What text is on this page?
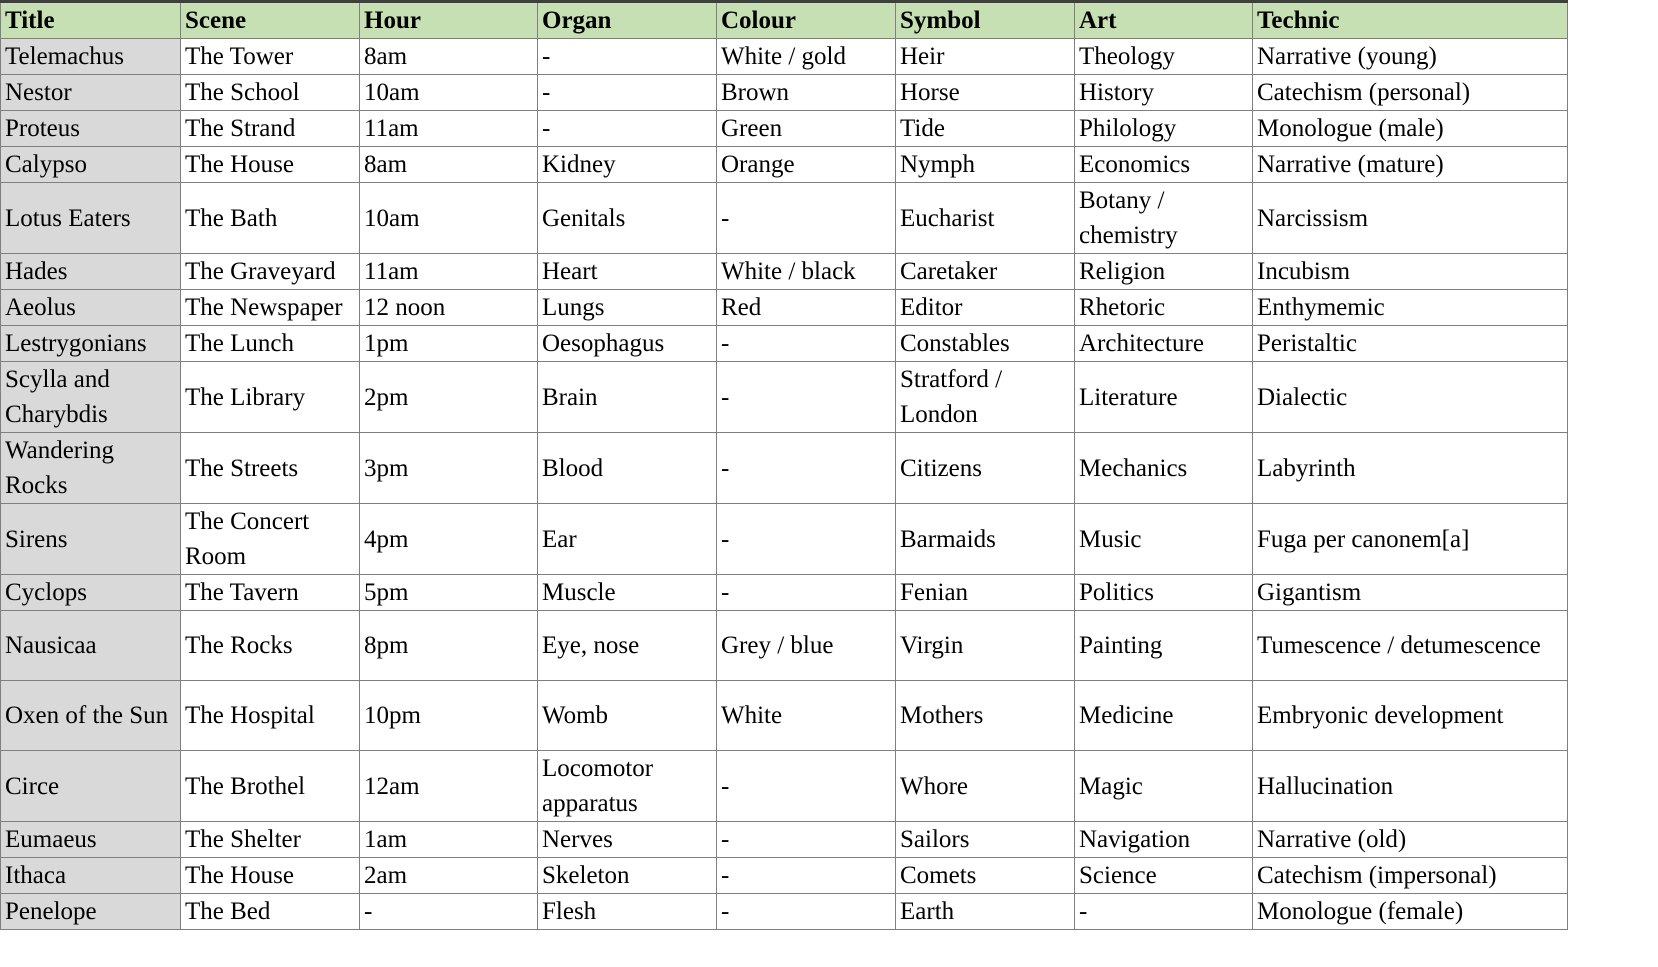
Title	Scene	Hour	Organ	Colour	Symbol	Art	Technic
Telemachus	The Tower	8am	-	White / gold	Heir	Theology	Narrative (young)
Nestor	The School	10am	-	Brown	Horse	History	Catechism (personal)
Proteus	The Strand	11am	-	Green	Tide	Philology	Monologue (male)
Calypso	The House	8am	Kidney	Orange	Nymph	Economics	Narrative (mature)
Lotus Eaters	The Bath	10am	Genitals	-	Eucharist	Botany / chemistry	Narcissism
Hades	The Graveyard	11am	Heart	White / black	Caretaker	Religion	Incubism
Aeolus	The Newspaper	12 noon	Lungs	Red	Editor	Rhetoric	Enthymemic
Lestrygonians	The Lunch	1pm	Oesophagus	-	Constables	Architecture	Peristaltic
Scylla and Charybdis	The Library	2pm	Brain	-	Stratford / London	Literature	Dialectic
Wandering Rocks	The Streets	3pm	Blood	-	Citizens	Mechanics	Labyrinth
Sirens	The Concert Room	4pm	Ear	-	Barmaids	Music	Fuga per canonem[a]
Cyclops	The Tavern	5pm	Muscle	-	Fenian	Politics	Gigantism
Nausicaa	The Rocks	8pm	Eye, nose	Grey / blue	Virgin	Painting	Tumescence / detumescence
Oxen of the Sun	The Hospital	10pm	Womb	White	Mothers	Medicine	Embryonic development
Circe	The Brothel	12am	Locomotor apparatus	-	Whore	Magic	Hallucination
Eumaeus	The Shelter	1am	Nerves	-	Sailors	Navigation	Narrative (old)
Ithaca	The House	2am	Skeleton	-	Comets	Science	Catechism (impersonal)
Penelope	The Bed	-	Flesh	-	Earth	-	Monologue (female)
